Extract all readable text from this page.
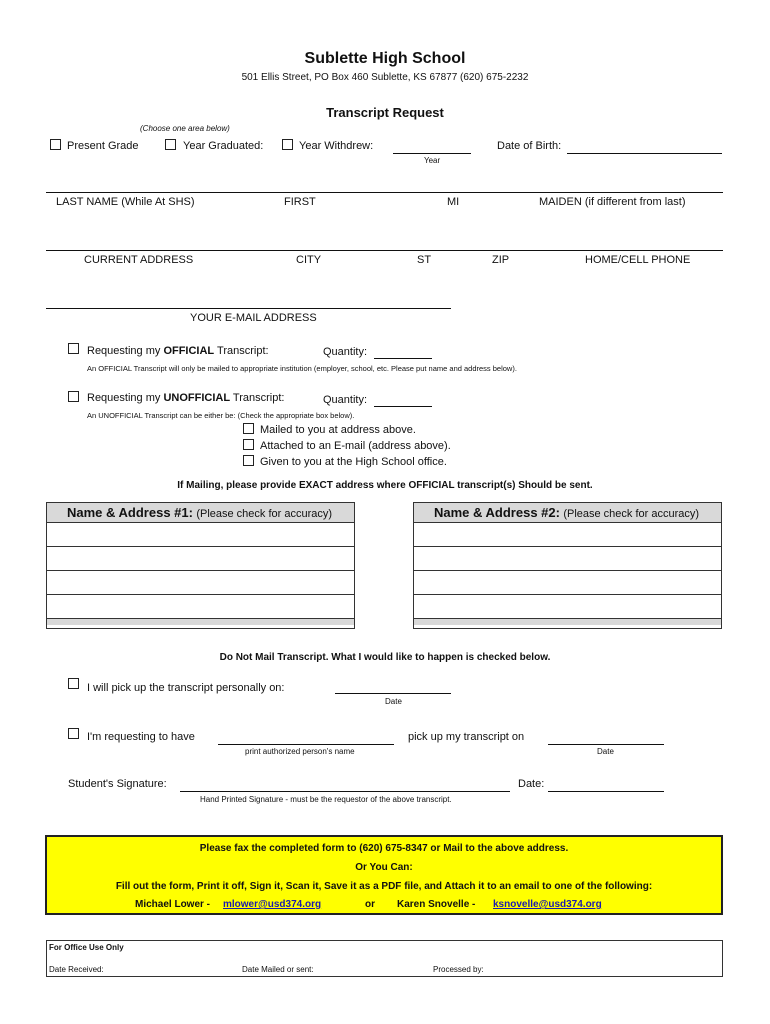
Sublette High School
501 Ellis Street, PO Box 460 Sublette, KS 67877 (620) 675-2232
Transcript Request
(Choose one area below)
Present Grade	Year Graduated:	Year Withdrew:
Year
Date of Birth:
LAST NAME (While At SHS)	FIRST	MI	MAIDEN (if different from last)
CURRENT ADDRESS	CITY	ST	ZIP	HOME/CELL PHONE
YOUR E-MAIL ADDRESS
Requesting my OFFICIAL Transcript:	Quantity:
An OFFICIAL Transcript will only be mailed to appropriate institution (employer, school, etc. Please put name and address below).
Requesting my UNOFFICIAL Transcript:	Quantity:
An UNOFFICIAL Transcript can be either be: (Check the appropriate box below).
Mailed to you at address above.
Attached to an E-mail (address above).
Given to you at the High School office.
If Mailing, please provide EXACT address where OFFICIAL transcript(s) Should be sent.
Name & Address #1: (Please check for accuracy)	Name & Address #2: (Please check for accuracy)
Do Not Mail Transcript. What I would like to happen is checked below.
I will pick up the transcript personally on:
Date
I'm requesting to have
print authorized person's name
pick up my transcript on
Date
Student's Signature:
Hand Printed Signature - must be the requestor of the above transcript.
Date:
Please fax the completed form to (620) 675-8347 or Mail to the above address.
Or You Can:
Fill out the form, Print it off, Sign it, Scan it, Save it as a PDF file, and Attach it to an email to one of the following:
Michael Lower - mlower@usd374.org	or Karen Snovelle - ksnovelle@usd374.org
For Office Use Only
Date Received:	Date Mailed or sent:	Processed by:
